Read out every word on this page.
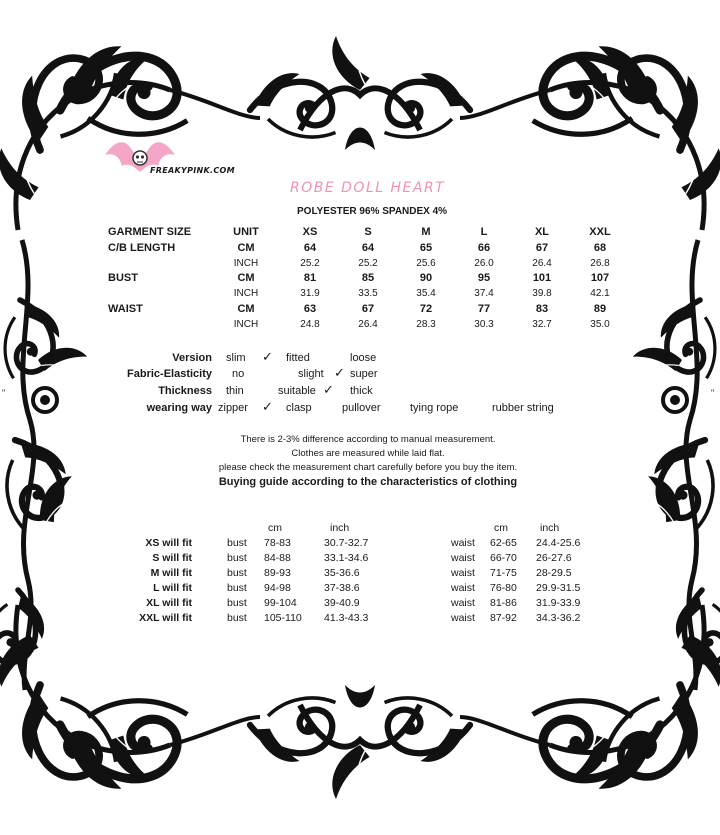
"	"
FREAKYPINK.COM
ROBE DOLL HEART
POLYESTER 96% SPANDEX 4%
GARMENT SIZE	UNIT	XS	S	M	L	XL	XXL
C/B LENGTH	CM	64	64	65	66	67	68
INCH	25.2	25.2	25.6	26.0	26.4	26.8
BUST	CM	81	85	90	95	101	107
INCH	31.9	33.5	35.4	37.4	39.8	42.1
WAIST	CM	63	67	72	77	83	89
INCH	24.8	26.4	28.3	30.3	32.7	35.0
Version slim ✓ fitted	loose
Fabric-Elasticity no	slight ✓ super
Thickness thin	suitable ✓ thick
wearing way zipper ✓ clasp	pullover	tying rope	rubber string
There is 2-3% difference according to manual measurement.
Clothes are measured while laid flat.
please check the measurement chart carefully before you buy the item.
Buying guide according to the characteristics of clothing
cm	inch	cm	inch
XS will fit	bust 78-83	30.7-32.7	waist 62-65 24.4-25.6
S will fit	bust 84-88	33.1-34.6	waist 66-70 26-27.6
M will fit	bust 89-93	35-36.6	waist 71-75 28-29.5
L will fit	bust 94-98	37-38.6	waist 76-80 29.9-31.5
XL will fit	bust 99-104	39-40.9	waist 81-86 31.9-33.9
XXL will fit	bust 105-110 41.3-43.3	waist 87-92 34.3-36.2
